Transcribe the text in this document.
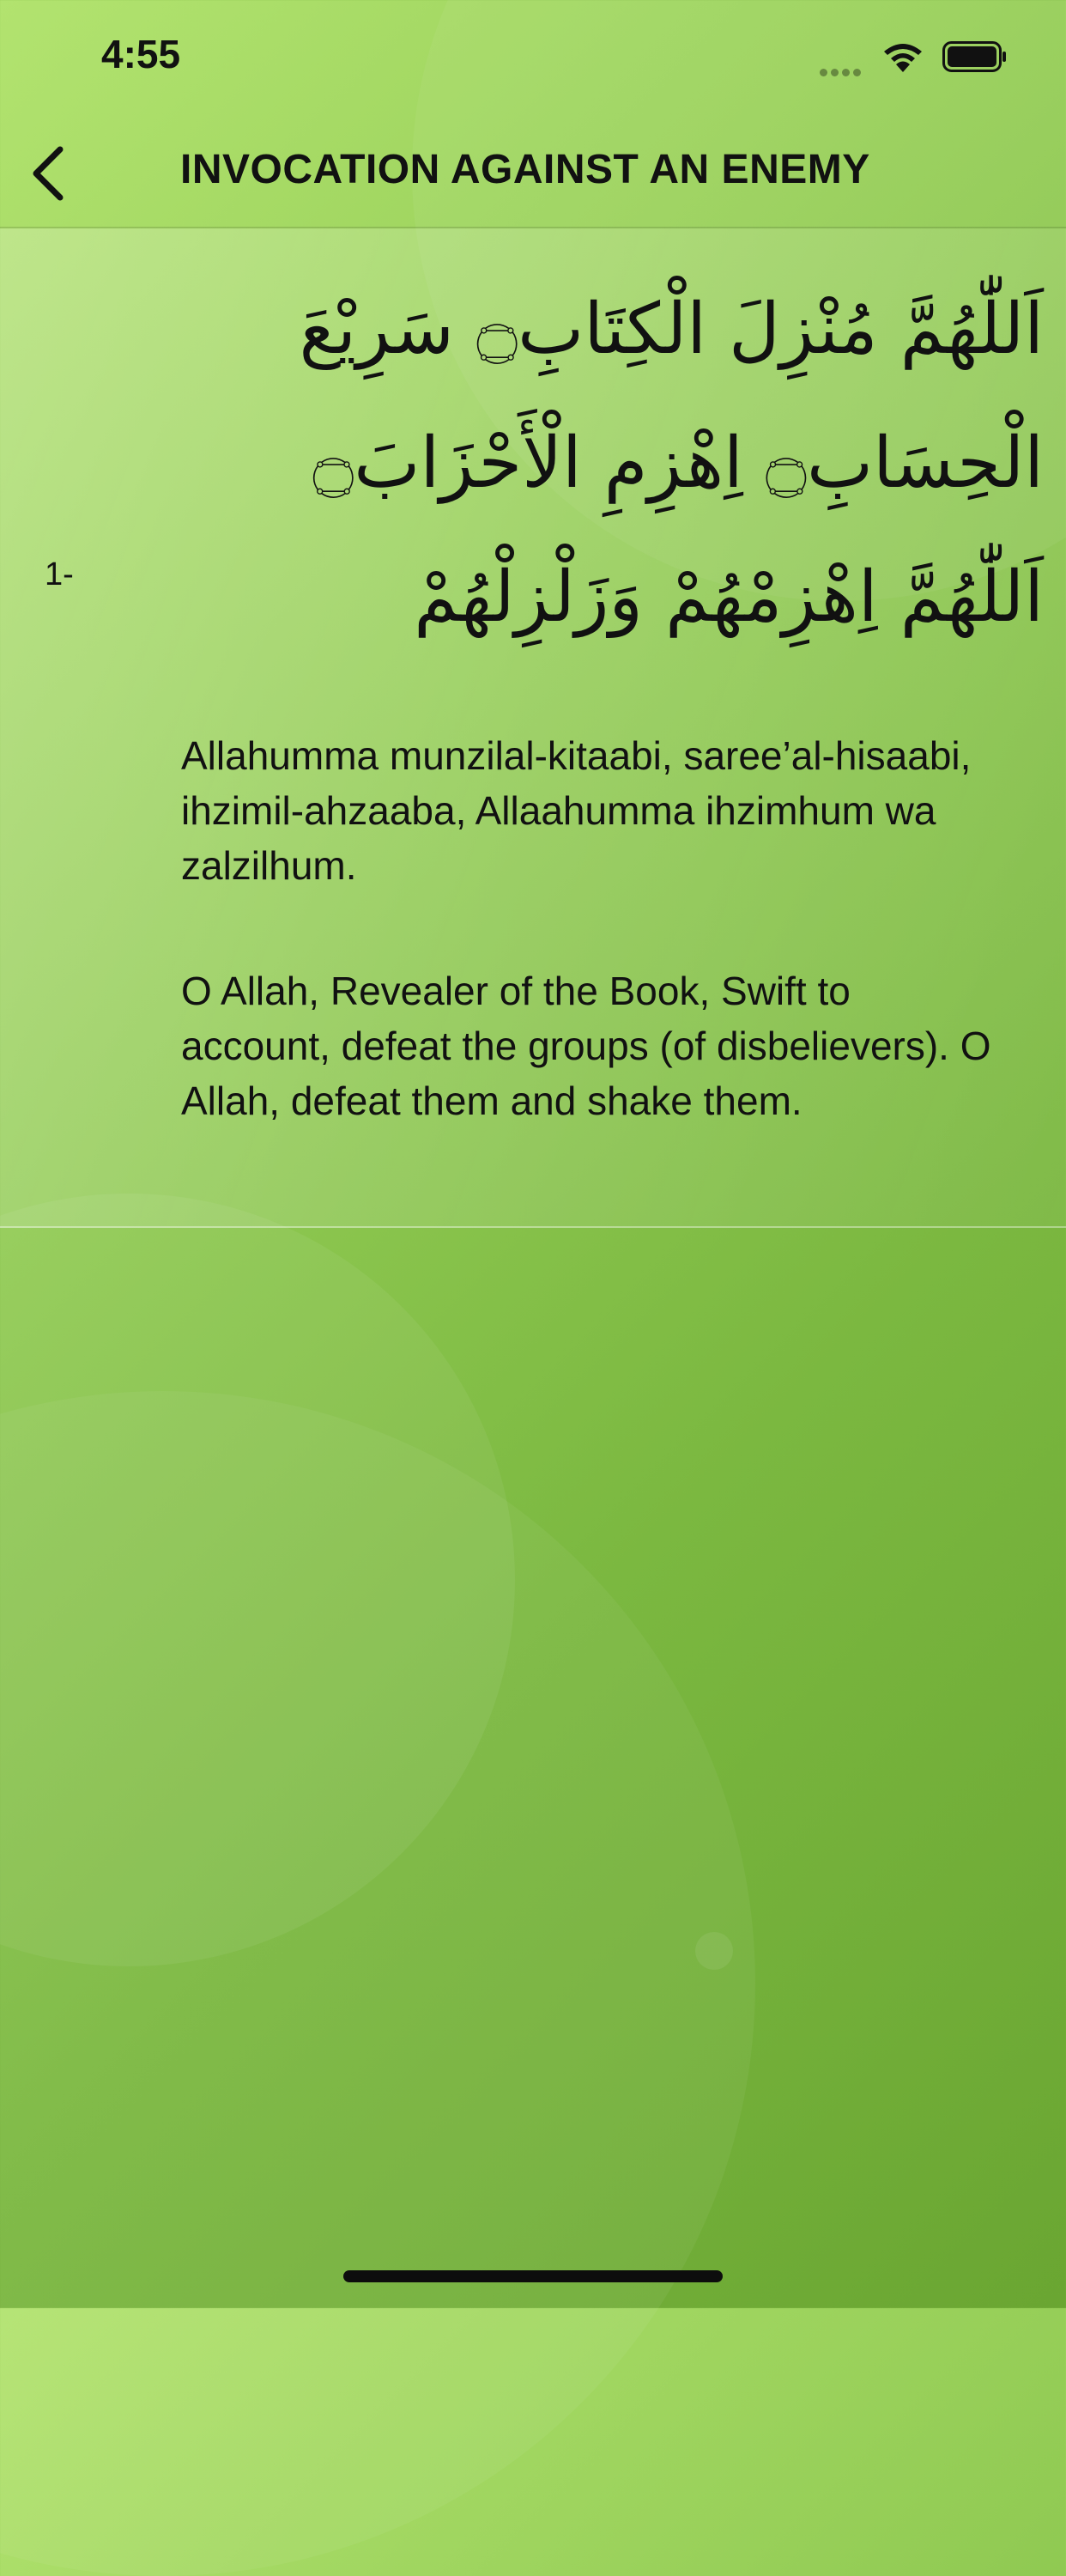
4:55
INVOCATION AGAINST AN ENEMY
1-
اَللّٰهُمَّ مُنْزِلَ الْكِتَابِ۝ سَرِيْعَ الْحِسَابِ۝ اِهْزِمِ الْأَحْزَابَ۝ اَللّٰهُمَّ اِهْزِمْهُمْ وَزَلْزِلْهُمْ

Allahumma munzilal-kitaabi, saree’al-hisaabi, ihzimil-ahzaaba, Allaahumma ihzimhum wa zalzilhum.

O Allah, Revealer of the Book, Swift to account, defeat the groups (of disbelievers). O Allah, defeat them and shake them.
